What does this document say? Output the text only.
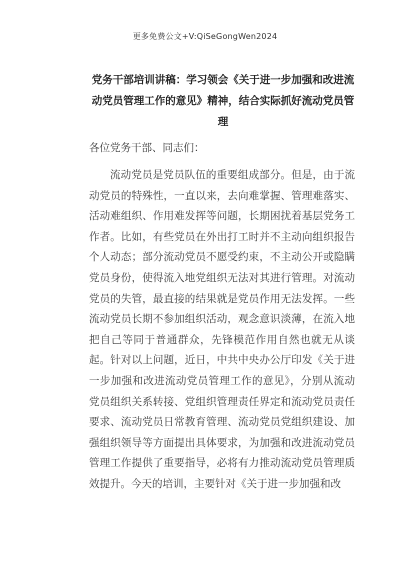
更多免费公文+V:QiSeGongWen2024
党务干部培训讲稿：学习领会《关于进一步加强和改进流动党员管理工作的意见》精神，结合实际抓好流动党员管理
各位党务干部、同志们：
流动党员是党员队伍的重要组成部分。但是，由于流动党员的特殊性，一直以来，去向难掌握、管理难落实、活动难组织、作用难发挥等问题，长期困扰着基层党务工作者。比如，有些党员在外出打工时并不主动向组织报告个人动态；部分流动党员不愿受约束，不主动公开或隐瞒党员身份，使得流入地党组织无法对其进行管理。对流动党员的失管，最直接的结果就是党员作用无法发挥。一些流动党员长期不参加组织活动，观念意识淡薄，在流入地把自己等同于普通群众，先锋模范作用自然也就无从谈起。针对以上问题，近日，中共中央办公厅印发《关于进一步加强和改进流动党员管理工作的意见》，分别从流动党员组织关系转接、党组织管理责任界定和流动党员责任要求、流动党员日常教育管理、流动党员党组织建设、加强组织领导等方面提出具体要求，为加强和改进流动党员管理工作提供了重要指导，必将有力推动流动党员管理质效提升。今天的培训，主要针对《关于进一步加强和改
